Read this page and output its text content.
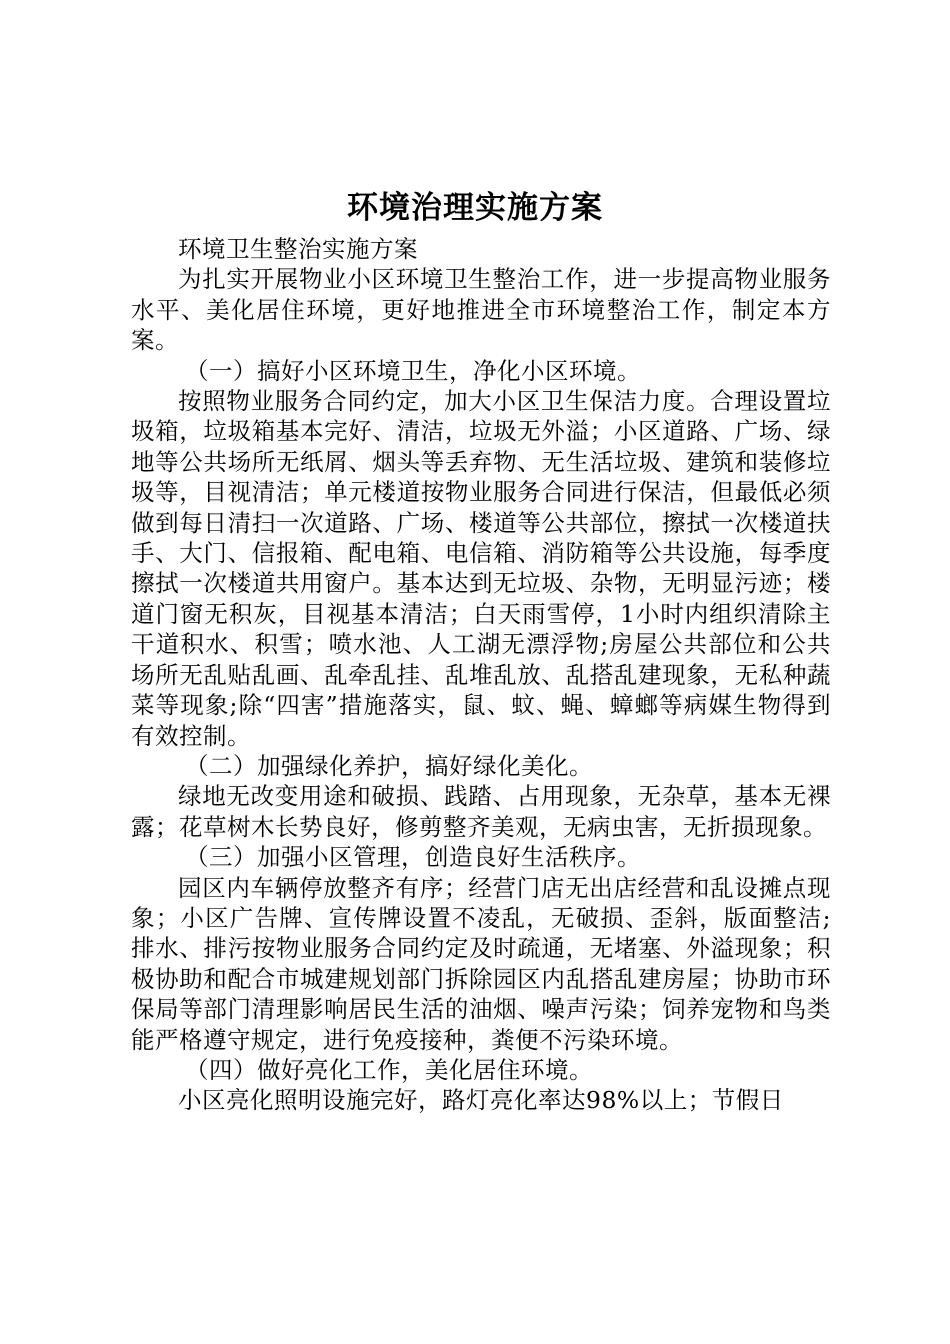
环境治理实施方案

环境卫生整治实施方案

为扎实开展物业小区环境卫生整治工作，进一步提高物业服务水平、美化居住环境，更好地推进全市环境整治工作，制定本方案。

（一）搞好小区环境卫生，净化小区环境。

按照物业服务合同约定，加大小区卫生保洁力度。合理设置垃圾箱，垃圾箱基本完好、清洁，垃圾无外溢；小区道路、广场、绿地等公共场所无纸屑、烟头等丢弃物、无生活垃圾、建筑和装修垃圾等，目视清洁；单元楼道按物业服务合同进行保洁，但最低必须做到每日清扫一次道路、广场、楼道等公共部位，擦拭一次楼道扶手、大门、信报箱、配电箱、电信箱、消防箱等公共设施，每季度擦拭一次楼道共用窗户。基本达到无垃圾、杂物，无明显污迹；楼道门窗无积灰，目视基本清洁；白天雨雪停，1小时内组织清除主干道积水、积雪；喷水池、人工湖无漂浮物;房屋公共部位和公共场所无乱贴乱画、乱牵乱挂、乱堆乱放、乱搭乱建现象，无私种蔬菜等现象;除“四害”措施落实，鼠、蚊、蝇、蟑螂等病媒生物得到有效控制。

（二）加强绿化养护，搞好绿化美化。

绿地无改变用途和破损、践踏、占用现象，无杂草，基本无裸露；花草树木长势良好，修剪整齐美观，无病虫害，无折损现象。

（三）加强小区管理，创造良好生活秩序。

园区内车辆停放整齐有序；经营门店无出店经营和乱设摊点现象；小区广告牌、宣传牌设置不凌乱，无破损、歪斜，版面整洁;排水、排污按物业服务合同约定及时疏通，无堵塞、外溢现象；积极协助和配合市城建规划部门拆除园区内乱搭乱建房屋；协助市环保局等部门清理影响居民生活的油烟、噪声污染；饲养宠物和鸟类能严格遵守规定，进行免疫接种，粪便不污染环境。

（四）做好亮化工作，美化居住环境。

小区亮化照明设施完好，路灯亮化率达98%以上；节假日
